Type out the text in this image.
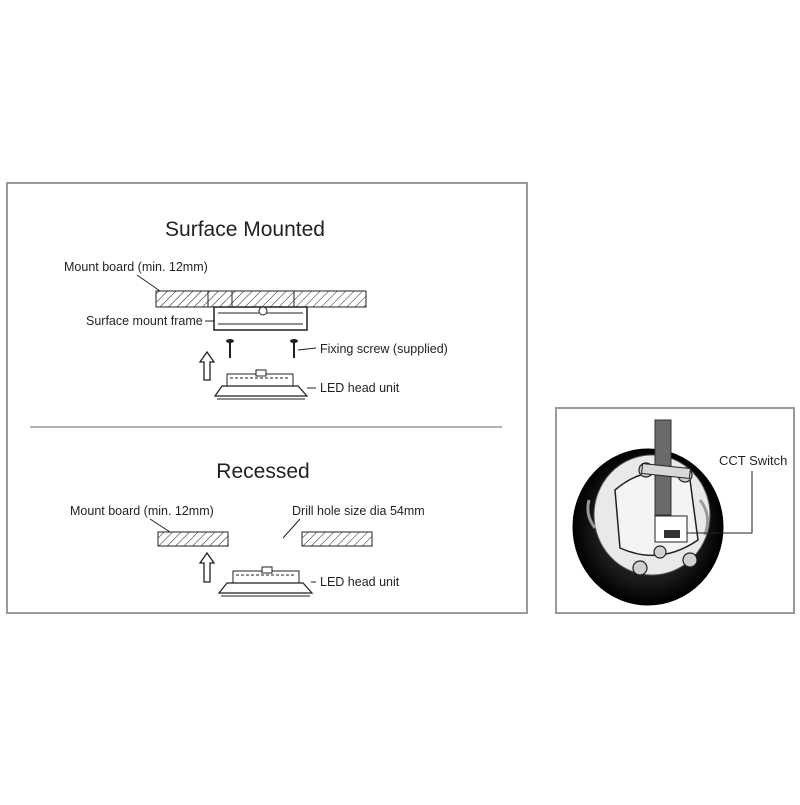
Surface Mounted
Mount board (min. 12mm)
Surface mount frame
Fixing screw (supplied)
LED head unit
Recessed
Mount board (min. 12mm)	Drill hole size dia 54mm
LED head unit
CCT Switch
